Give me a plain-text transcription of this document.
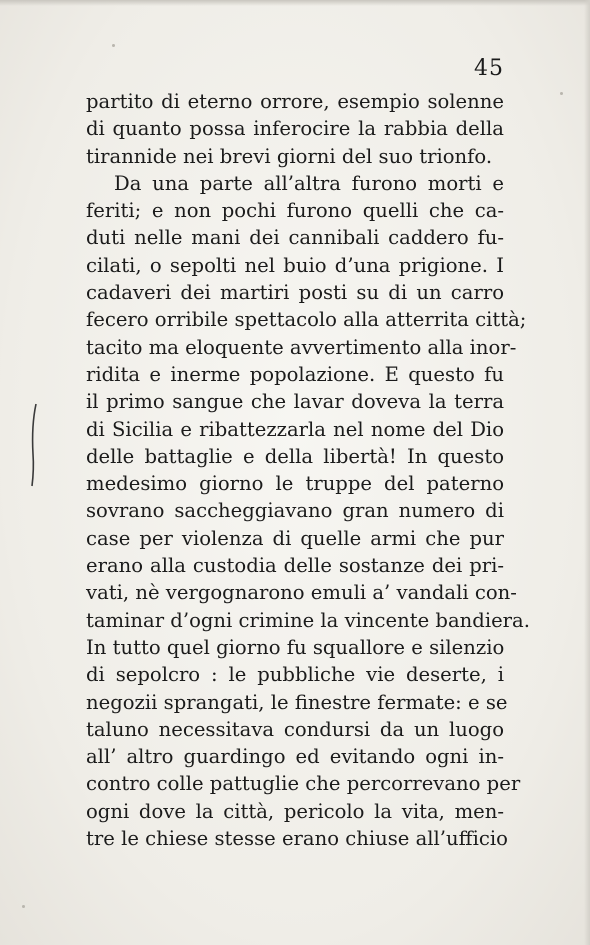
45
partito di eterno orrore, esempio solenne
di quanto possa inferocire la rabbia della
tirannide nei brevi giorni del suo trionfo.
Da una parte all’altra furono morti e
feriti; e non pochi furono quelli che ca-
duti nelle mani dei cannibali caddero fu-
cilati, o sepolti nel buio d’una prigione. I
cadaveri dei martiri posti su di un carro
fecero orribile spettacolo alla atterrita città;
tacito ma eloquente avvertimento alla inor-
ridita e inerme popolazione. E questo fu
il primo sangue che lavar doveva la terra
di Sicilia e ribattezzarla nel nome del Dio
delle battaglie e della libertà! In questo
medesimo giorno le truppe del paterno
sovrano saccheggiavano gran numero di
case per violenza di quelle armi che pur
erano alla custodia delle sostanze dei pri-
vati, nè vergognarono emuli a’ vandali con-
taminar d’ogni crimine la vincente bandiera.
In tutto quel giorno fu squallore e silenzio
di sepolcro : le pubbliche vie deserte, i
negozii sprangati, le finestre fermate: e se
taluno necessitava condursi da un luogo
all’ altro guardingo ed evitando ogni in-
contro colle pattuglie che percorrevano per
ogni dove la città, pericolo la vita, men-
tre le chiese stesse erano chiuse all’ufficio
